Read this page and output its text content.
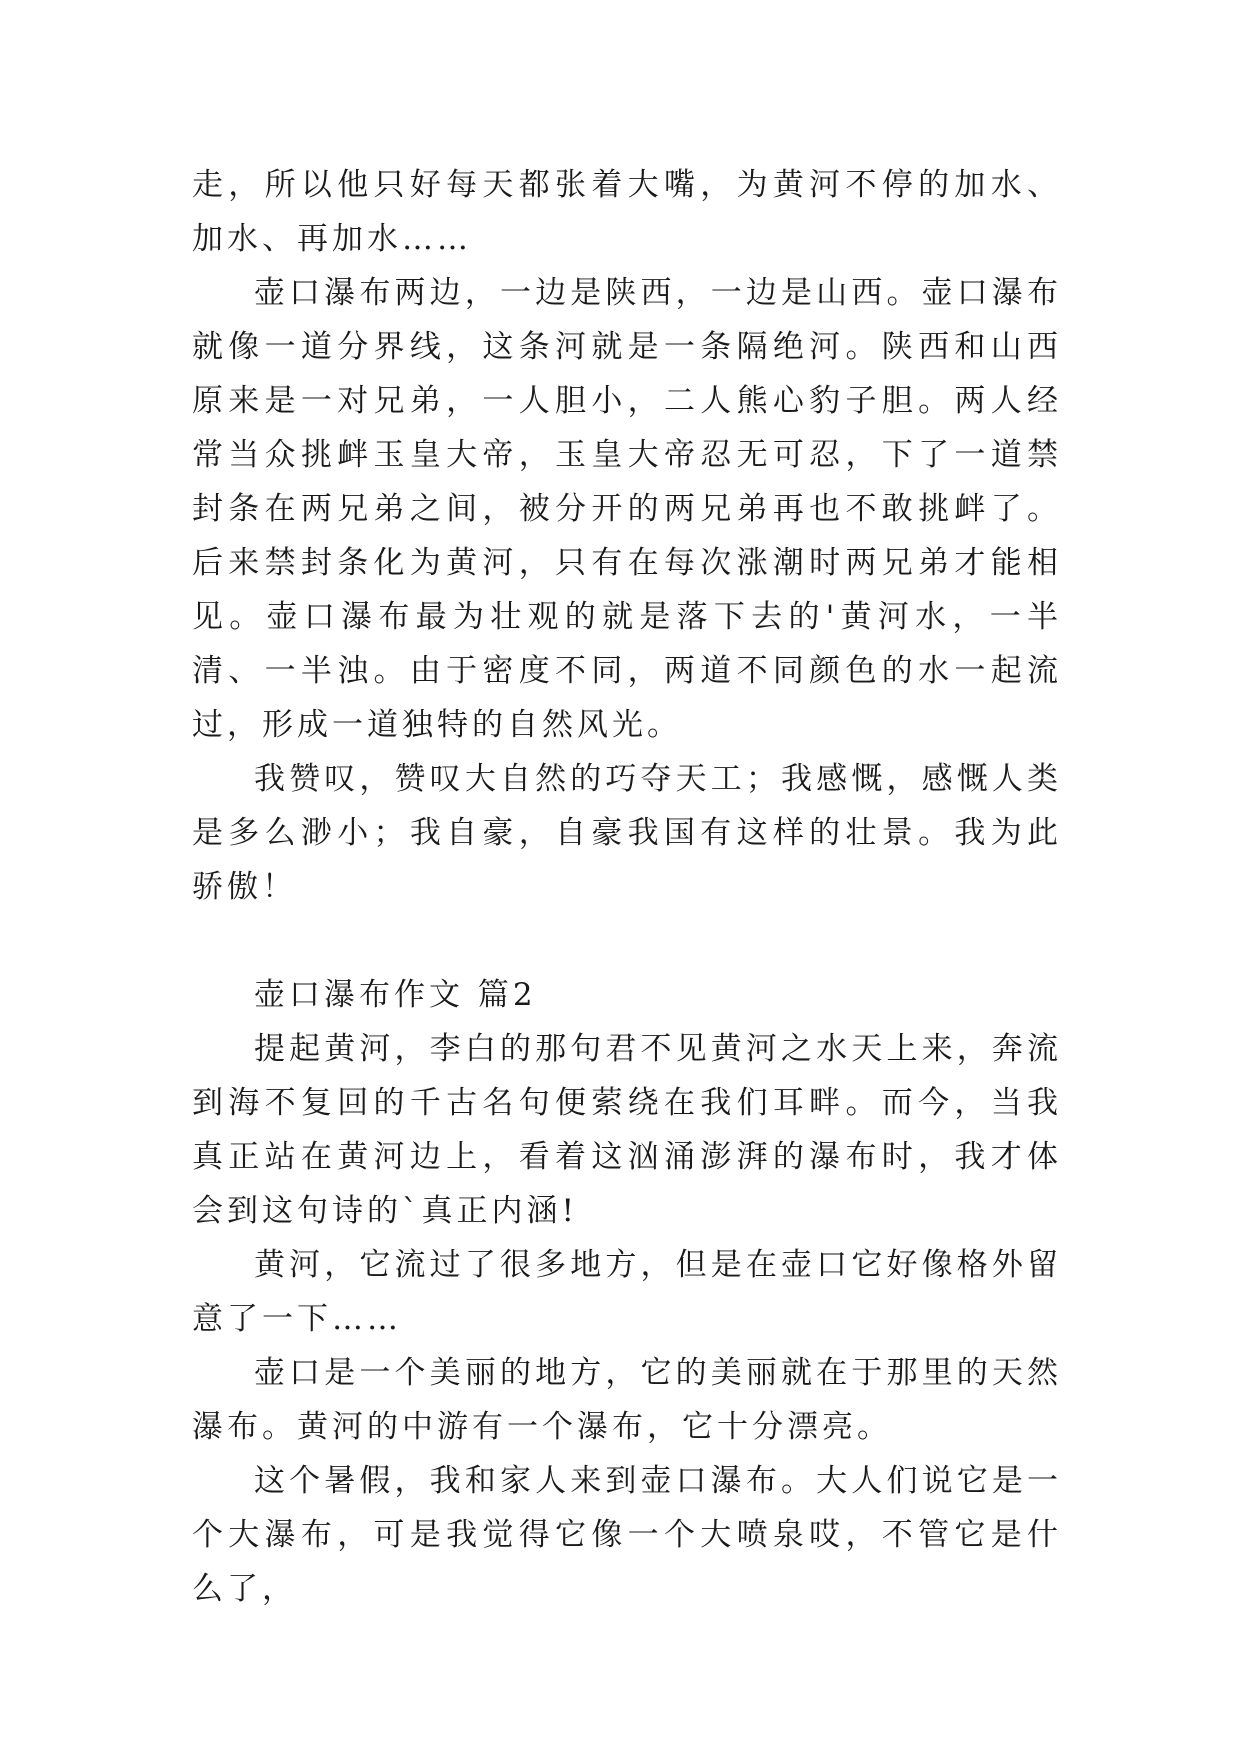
走，所以他只好每天都张着大嘴，为黄河不停的加水、加水、再加水……

壶口瀑布两边，一边是陕西，一边是山西。壶口瀑布就像一道分界线，这条河就是一条隔绝河。陕西和山西原来是一对兄弟，一人胆小，二人熊心豹子胆。两人经常当众挑衅玉皇大帝，玉皇大帝忍无可忍，下了一道禁封条在两兄弟之间，被分开的两兄弟再也不敢挑衅了。后来禁封条化为黄河，只有在每次涨潮时两兄弟才能相见。壶口瀑布最为壮观的就是落下去的'黄河水，一半清、一半浊。由于密度不同，两道不同颜色的水一起流过，形成一道独特的自然风光。

我赞叹，赞叹大自然的巧夺天工；我感慨，感慨人类是多么渺小；我自豪，自豪我国有这样的壮景。我为此骄傲！

壶口瀑布作文 篇2

提起黄河，李白的那句君不见黄河之水天上来，奔流到海不复回的千古名句便萦绕在我们耳畔。而今，当我真正站在黄河边上，看着这汹涌澎湃的瀑布时，我才体会到这句诗的`真正内涵!

黄河，它流过了很多地方，但是在壶口它好像格外留意了一下……

壶口是一个美丽的地方，它的美丽就在于那里的天然瀑布。黄河的中游有一个瀑布，它十分漂亮。

这个暑假，我和家人来到壶口瀑布。大人们说它是一个大瀑布，可是我觉得它像一个大喷泉哎，不管它是什么了，
